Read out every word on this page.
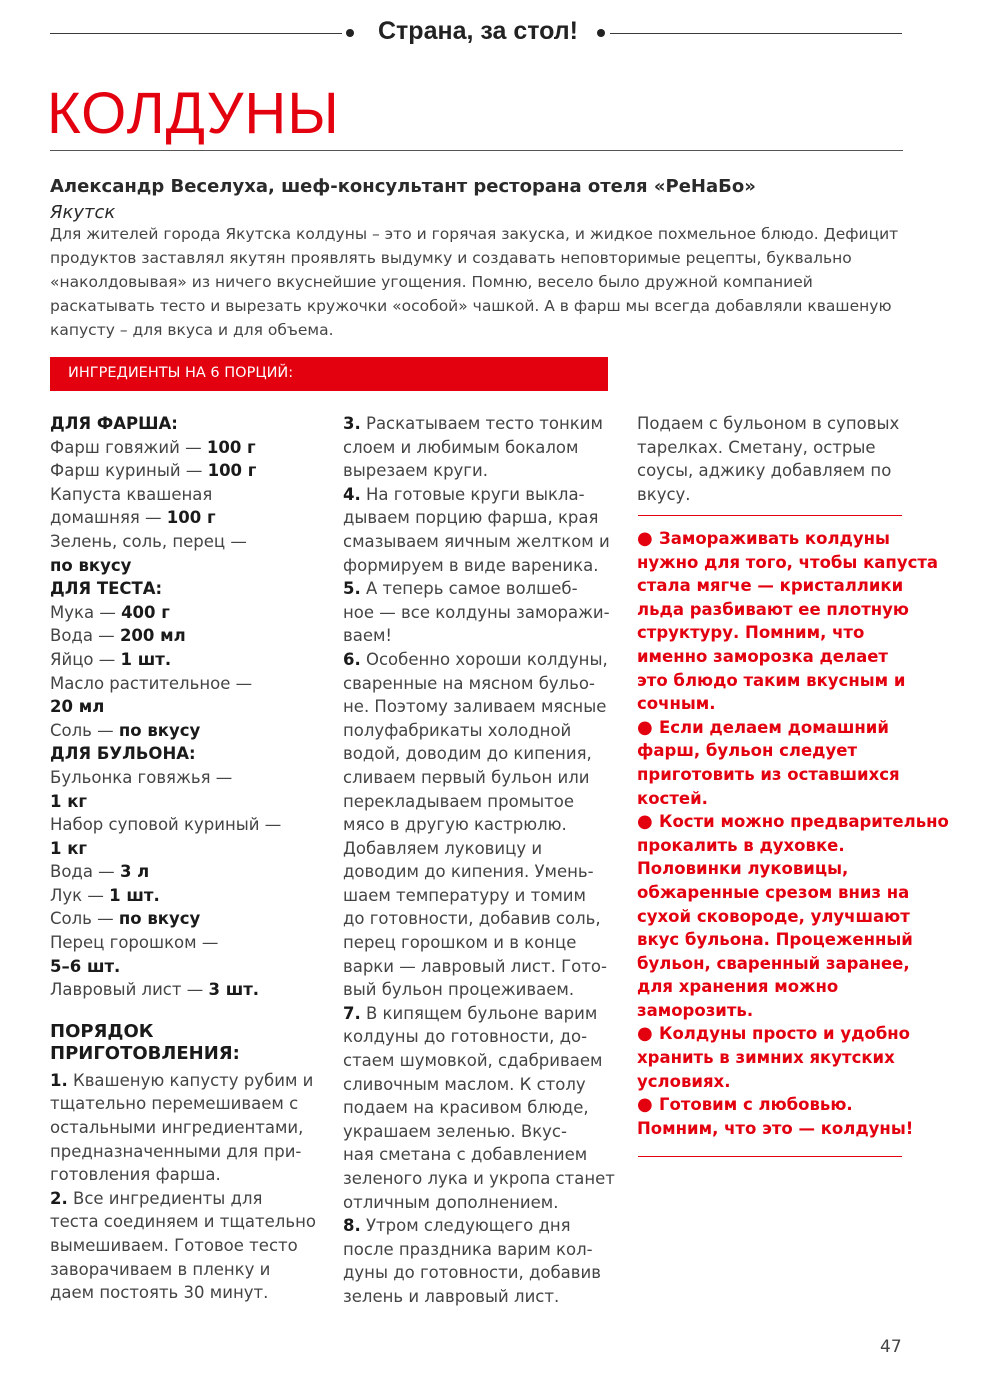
Страна, за стол!
КОЛДУНЫ
Александр Веселуха, шеф-консультант ресторана отеля «РеНаБо»
Якутск
Для жителей города Якутска колдуны – это и горячая закуска, и жидкое похмельное блюдо. Дефицит
продуктов заставлял якутян проявлять выдумку и создавать неповторимые рецепты, буквально
«наколдовывая» из ничего вкуснейшие угощения. Помню, весело было дружной компанией
раскатывать тесто и вырезать кружочки «особой» чашкой. А в фарш мы всегда добавляли квашеную
капусту – для вкуса и для объема.
ИНГРЕДИЕНТЫ НА 6 ПОРЦИЙ:
ДЛЯ ФАРША:
Фарш говяжий — 100 г
Фарш куриный — 100 г
Капуста квашеная
домашняя — 100 г
Зелень, соль, перец —
по вкусу
ДЛЯ ТЕСТА:
Мука — 400 г
Вода — 200 мл
Яйцо — 1 шт.
Масло растительное —
20 мл
Соль — по вкусу
ДЛЯ БУЛЬОНА:
Бульонка говяжья —
1 кг
Набор суповой куриный —
1 кг
Вода — 3 л
Лук — 1 шт.
Соль — по вкусу
Перец горошком —
5–6 шт.
Лавровый лист — 3 шт.
ПОРЯДОК
ПРИГОТОВЛЕНИЯ:
1. Квашеную капусту рубим и
тщательно перемешиваем с
остальными ингредиентами,
предназначенными для при-
готовления фарша.
2. Все ингредиенты для
теста соединяем и тщательно
вымешиваем. Готовое тесто
заворачиваем в пленку и
даем постоять 30 минут.
3. Раскатываем тесто тонким
слоем и любимым бокалом
вырезаем круги.
4. На готовые круги выкла-
дываем порцию фарша, края
смазываем яичным желтком и
формируем в виде вареника.
5. А теперь самое волшеб-
ное — все колдуны заморажи-
ваем!
6. Особенно хороши колдуны,
сваренные на мясном бульо-
не. Поэтому заливаем мясные
полуфабрикаты холодной
водой, доводим до кипения,
сливаем первый бульон или
перекладываем промытое
мясо в другую кастрюлю.
Добавляем луковицу и
доводим до кипения. Умень-
шаем температуру и томим
до готовности, добавив соль,
перец горошком и в конце
варки — лавровый лист. Гото-
вый бульон процеживаем.
7. В кипящем бульоне варим
колдуны до готовности, до-
стаем шумовкой, сдабриваем
сливочным маслом. К столу
подаем на красивом блюде,
украшаем зеленью. Вкус-
ная сметана с добавлением
зеленого лука и укропа станет
отличным дополнением.
8. Утром следующего дня
после праздника варим кол-
дуны до готовности, добавив
зелень и лавровый лист.
Подаем с бульоном в суповых
тарелках. Сметану, острые
соусы, аджику добавляем по
вкусу.
● Замораживать колдуны
нужно для того, чтобы капуста
стала мягче — кристаллики
льда разбивают ее плотную
структуру. Помним, что
именно заморозка делает
это блюдо таким вкусным и
сочным.
● Если делаем домашний
фарш, бульон следует
приготовить из оставшихся
костей.
● Кости можно предварительно
прокалить в духовке.
Половинки луковицы,
обжаренные срезом вниз на
сухой сковороде, улучшают
вкус бульона. Процеженный
бульон, сваренный заранее,
для хранения можно
заморозить.
● Колдуны просто и удобно
хранить в зимних якутских
условиях.
● Готовим с любовью.
Помним, что это — колдуны!
47
